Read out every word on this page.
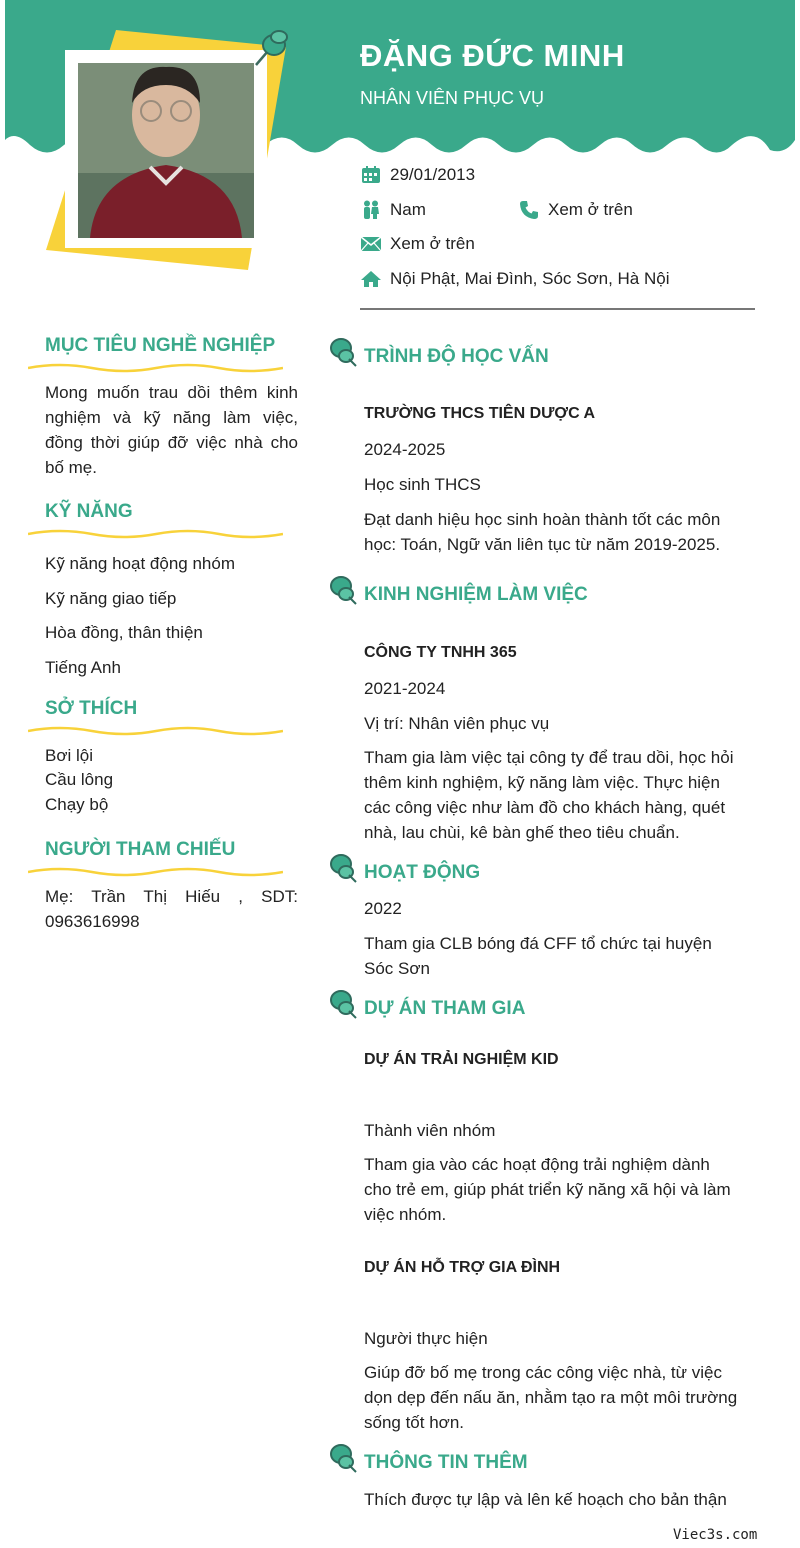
ĐẶNG ĐỨC MINH
NHÂN VIÊN PHỤC VỤ
29/01/2013
Nam	Xem ở trên
Xem ở trên
Nội Phật, Mai Đình, Sóc Sơn, Hà Nội
MỤC TIÊU NGHỀ NGHIỆP
Mong muốn trau dồi thêm kinh nghiệm và kỹ năng làm việc, đồng thời giúp đỡ việc nhà cho bố mẹ.
KỸ NĂNG
Kỹ năng hoạt động nhóm
Kỹ năng giao tiếp
Hòa đồng, thân thiện
Tiếng Anh
SỞ THÍCH
Bơi lội
Cầu lông
Chạy bộ
NGƯỜI THAM CHIẾU
Mẹ: Trần Thị Hiếu , SDT: 0963616998
TRÌNH ĐỘ HỌC VẤN
TRƯỜNG THCS TIÊN DƯỢC A
2024-2025
Học sinh THCS
Đạt danh hiệu học sinh hoàn thành tốt các môn học: Toán, Ngữ văn liên tục từ năm 2019-2025.
KINH NGHIỆM LÀM VIỆC
CÔNG TY TNHH 365
2021-2024
Vị trí: Nhân viên phục vụ
Tham gia làm việc tại công ty để trau dồi, học hỏi thêm kinh nghiệm, kỹ năng làm việc. Thực hiện các công việc như làm đồ cho khách hàng, quét nhà, lau chùi, kê bàn ghế theo tiêu chuẩn.
HOẠT ĐỘNG
2022
Tham gia CLB bóng đá CFF tổ chức tại huyện Sóc Sơn
DỰ ÁN THAM GIA
DỰ ÁN TRẢI NGHIỆM KID
Thành viên nhóm
Tham gia vào các hoạt động trải nghiệm dành cho trẻ em, giúp phát triển kỹ năng xã hội và làm việc nhóm.
DỰ ÁN HỖ TRỢ GIA ĐÌNH
Người thực hiện
Giúp đỡ bố mẹ trong các công việc nhà, từ việc dọn dẹp đến nấu ăn, nhằm tạo ra một môi trường sống tốt hơn.
THÔNG TIN THÊM
Thích được tự lập và lên kế hoạch cho bản thận
Viec3s.com
